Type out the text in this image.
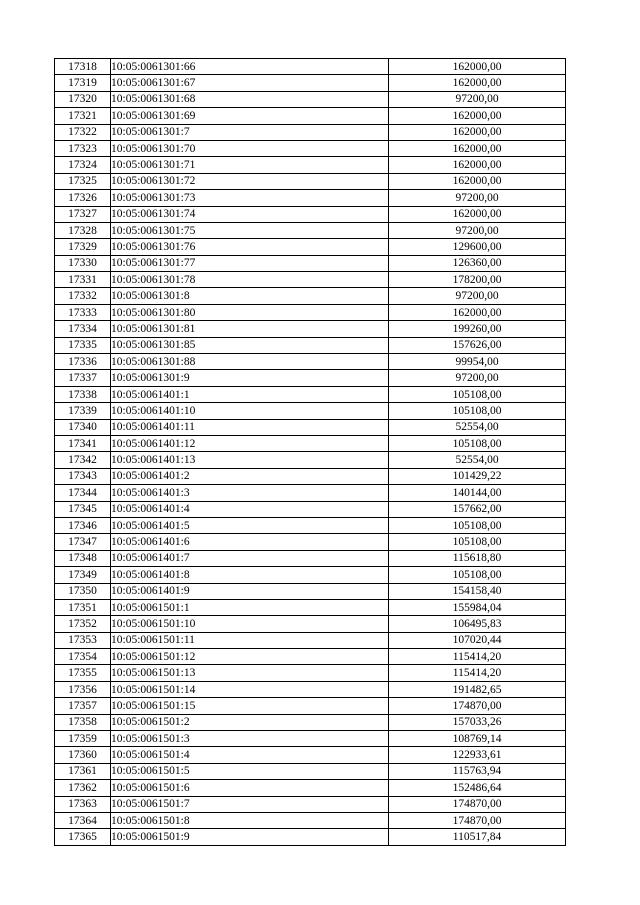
17318	10:05:0061301:66	162000,00
17319	10:05:0061301:67	162000,00
17320	10:05:0061301:68	97200,00
17321	10:05:0061301:69	162000,00
17322	10:05:0061301:7	162000,00
17323	10:05:0061301:70	162000,00
17324	10:05:0061301:71	162000,00
17325	10:05:0061301:72	162000,00
17326	10:05:0061301:73	97200,00
17327	10:05:0061301:74	162000,00
17328	10:05:0061301:75	97200,00
17329	10:05:0061301:76	129600,00
17330	10:05:0061301:77	126360,00
17331	10:05:0061301:78	178200,00
17332	10:05:0061301:8	97200,00
17333	10:05:0061301:80	162000,00
17334	10:05:0061301:81	199260,00
17335	10:05:0061301:85	157626,00
17336	10:05:0061301:88	99954,00
17337	10:05:0061301:9	97200,00
17338	10:05:0061401:1	105108,00
17339	10:05:0061401:10	105108,00
17340	10:05:0061401:11	52554,00
17341	10:05:0061401:12	105108,00
17342	10:05:0061401:13	52554,00
17343	10:05:0061401:2	101429,22
17344	10:05:0061401:3	140144,00
17345	10:05:0061401:4	157662,00
17346	10:05:0061401:5	105108,00
17347	10:05:0061401:6	105108,00
17348	10:05:0061401:7	115618,80
17349	10:05:0061401:8	105108,00
17350	10:05:0061401:9	154158,40
17351	10:05:0061501:1	155984,04
17352	10:05:0061501:10	106495,83
17353	10:05:0061501:11	107020,44
17354	10:05:0061501:12	115414,20
17355	10:05:0061501:13	115414,20
17356	10:05:0061501:14	191482,65
17357	10:05:0061501:15	174870,00
17358	10:05:0061501:2	157033,26
17359	10:05:0061501:3	108769,14
17360	10:05:0061501:4	122933,61
17361	10:05:0061501:5	115763,94
17362	10:05:0061501:6	152486,64
17363	10:05:0061501:7	174870,00
17364	10:05:0061501:8	174870,00
17365	10:05:0061501:9	110517,84
